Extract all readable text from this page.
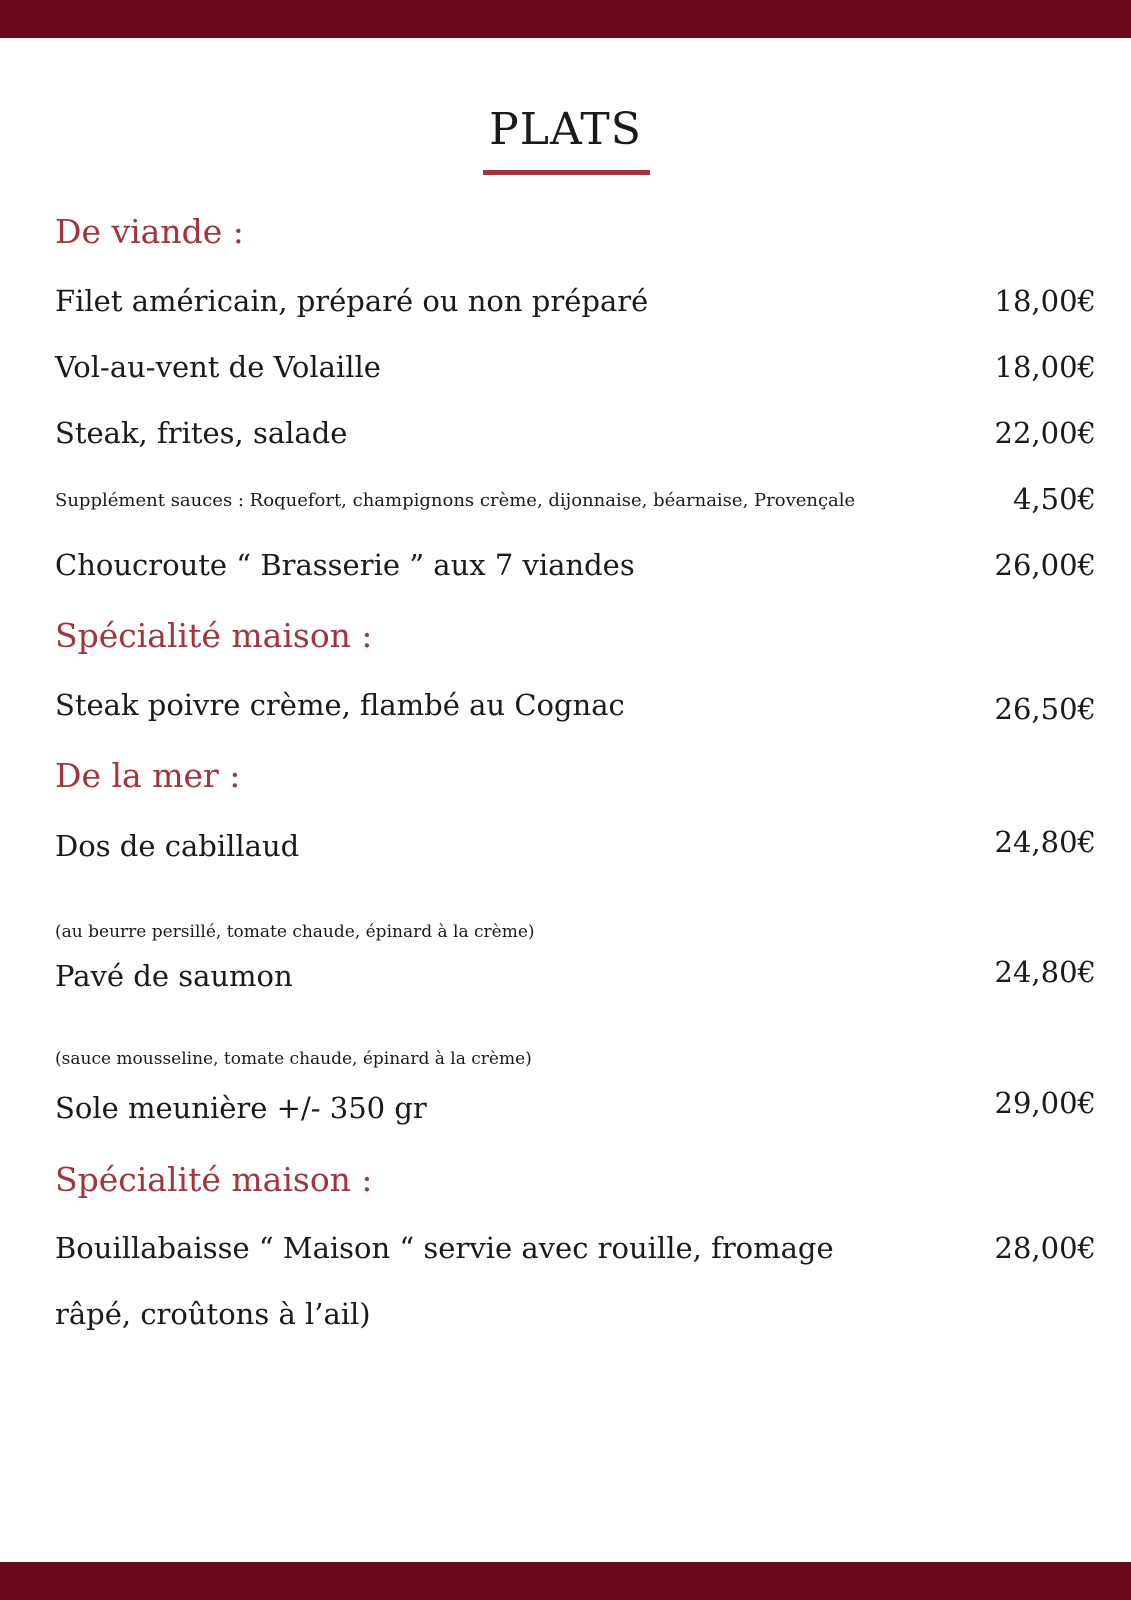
PLATS
De viande :
Filet américain, préparé ou non préparé	18,00€
Vol-au-vent de Volaille	18,00€
Steak, frites, salade	22,00€
Supplément sauces : Roquefort, champignons crème, dijonnaise, béarnaise, Provençale	4,50€
Choucroute “ Brasserie ” aux 7 viandes	26,00€
Spécialité maison :
Steak poivre crème, flambé au Cognac	26,50€
De la mer :
Dos de cabillaud	24,80€
(au beurre persillé, tomate chaude, épinard à la crème)
Pavé de saumon	24,80€
(sauce mousseline, tomate chaude, épinard à la crème)
Sole meunière +/- 350 gr	29,00€
Spécialité maison :
Bouillabaisse “ Maison “ servie avec rouille, fromage	28,00€
râpé, croûtons à l’ail)
